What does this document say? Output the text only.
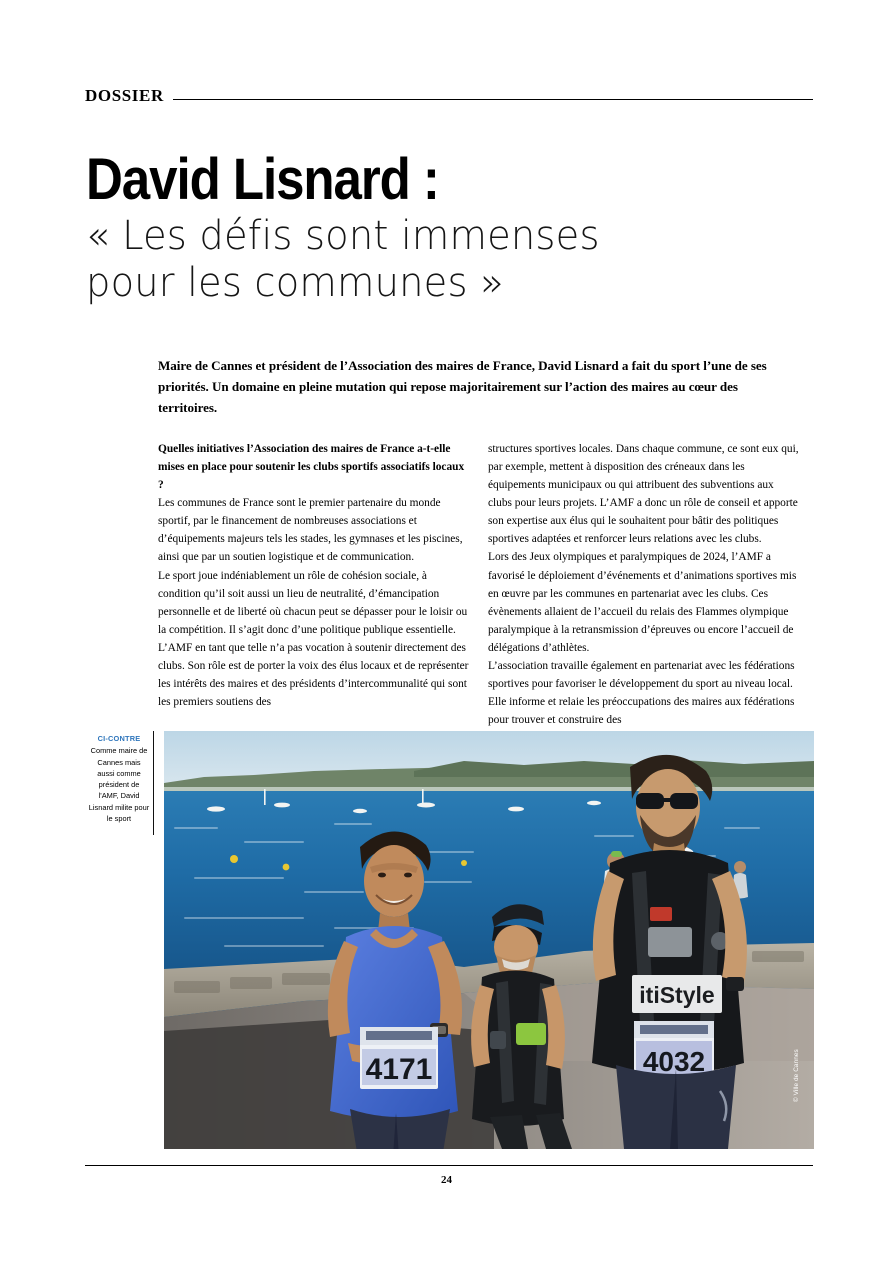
DOSSIER
David Lisnard :
« Les défis sont immenses
pour les communes »
Maire de Cannes et président de l’Association des maires de France, David Lisnard a fait du sport l’une de ses priorités. Un domaine en pleine mutation qui repose majoritairement sur l’action des maires au cœur des territoires.

Quelles initiatives l’Association des maires de France a-t-elle mises en place pour soutenir les clubs sportifs associatifs locaux ?

Les communes de France sont le premier partenaire du monde sportif, par le financement de nombreuses associations et d’équipements majeurs tels les stades, les gymnases et les piscines, ainsi que par un soutien logistique et de communication.

Le sport joue indéniablement un rôle de cohésion sociale, à condition qu’il soit aussi un lieu de neutralité, d’émancipation personnelle et de liberté où chacun peut se dépasser pour le loisir ou la compétition. Il s’agit donc d’une politique publique essentielle.

L’AMF en tant que telle n’a pas vocation à soutenir directement des clubs. Son rôle est de porter la voix des élus locaux et de représenter les intérêts des maires et des présidents d’intercommunalité qui sont les premiers soutiens des

structures sportives locales. Dans chaque commune, ce sont eux qui, par exemple, mettent à disposition des créneaux dans les équipements municipaux ou qui attribuent des subventions aux clubs pour leurs projets. L’AMF a donc un rôle de conseil et apporte son expertise aux élus qui le souhaitent pour bâtir des politiques sportives adaptées et renforcer leurs relations avec les clubs.

Lors des Jeux olympiques et paralympiques de 2024, l’AMF a favorisé le déploiement d’événements et d’animations sportives mis en œuvre par les communes en partenariat avec les clubs. Ces évènements allaient de l’accueil du relais des Flammes olympique paralympique à la retransmission d’épreuves ou encore l’accueil de délégations d’athlètes.

L’association travaille également en partenariat avec les fédérations sportives pour favoriser le développement du sport au niveau local. Elle informe et relaie les préoccupations des maires aux fédérations pour trouver et construire des

CI-CONTRE
Comme maire de Cannes mais aussi comme président de l’AMF, David Lisnard milite pour le sport
4171
itiStyle
4032	© Ville de Cannes
24
